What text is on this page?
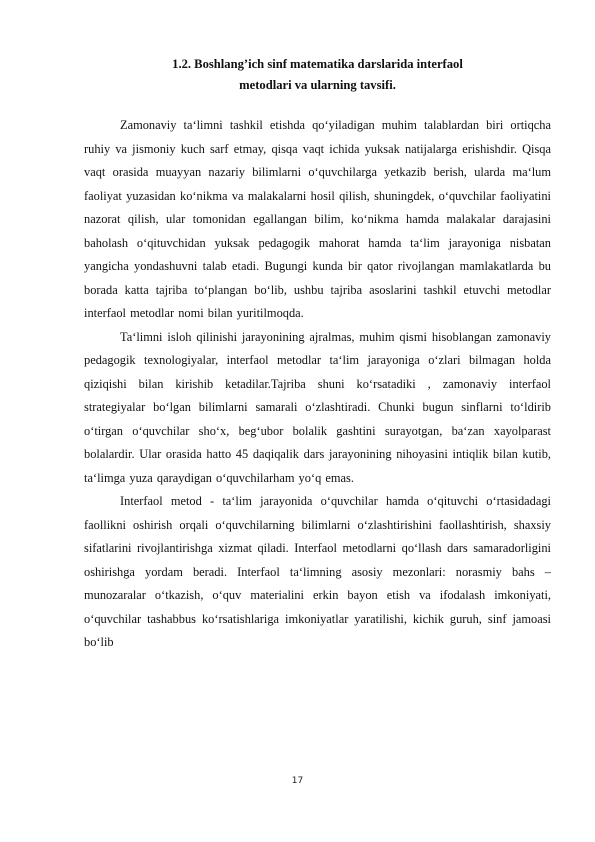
1.2. Boshlang’ich sinf matematika darslarida interfaol
metodlari va ularning tavsifi.

Zamonaviy ta‘limni tashkil etishda qo‘yiladigan muhim talablardan biri ortiqcha ruhiy va jismoniy kuch sarf etmay, qisqa vaqt ichida yuksak natijalarga erishishdir. Qisqa vaqt orasida muayyan nazariy bilimlarni o‘quvchilarga yetkazib berish, ularda ma‘lum faoliyat yuzasidan ko‘nikma va malakalarni hosil qilish, shuningdek, o‘quvchilar faoliyatini nazorat qilish, ular tomonidan egallangan bilim, ko‘nikma hamda malakalar darajasini baholash o‘qituvchidan yuksak pedagogik mahorat hamda ta‘lim jarayoniga nisbatan yangicha yondashuvni talab etadi. Bugungi kunda bir qator rivojlangan mamlakatlarda bu borada katta tajriba to‘plangan bo‘lib, ushbu tajriba asoslarini tashkil etuvchi metodlar interfaol metodlar nomi bilan yuritilmoqda.

Ta‘limni isloh qilinishi jarayonining ajralmas, muhim qismi hisoblangan zamonaviy pedagogik texnologiyalar, interfaol metodlar ta‘lim jarayoniga o‘zlari bilmagan holda qiziqishi bilan kirishib ketadilar.Tajriba shuni ko‘rsatadiki , zamonaviy interfaol strategiyalar bo‘lgan bilimlarni samarali o‘zlashtiradi. Chunki bugun sinflarni to‘ldirib o‘tirgan o‘quvchilar sho‘x, beg‘ubor bolalik gashtini surayotgan, ba‘zan xayolparast bolalardir. Ular orasida hatto 45 daqiqalik dars jarayonining nihoyasini intiqlik bilan kutib, ta‘limga yuza qaraydigan o‘quvchilarham yo‘q emas.

Interfaol metod - ta‘lim jarayonida o‘quvchilar hamda o‘qituvchi o‘rtasidadagi faollikni oshirish orqali o‘quvchilarning bilimlarni o‘zlashtirishini faollashtirish, shaxsiy sifatlarini rivojlantirishga xizmat qiladi. Interfaol metodlarni qo‘llash dars samaradorligini oshirishga yordam beradi. Interfaol ta‘limning asosiy mezonlari: norasmiy bahs – munozaralar o‘tkazish, o‘quv materialini erkin bayon etish va ifodalash imkoniyati, o‘quvchilar tashabbus ko‘rsatishlariga imkoniyatlar yaratilishi, kichik guruh, sinf jamoasi bo‘lib

17
